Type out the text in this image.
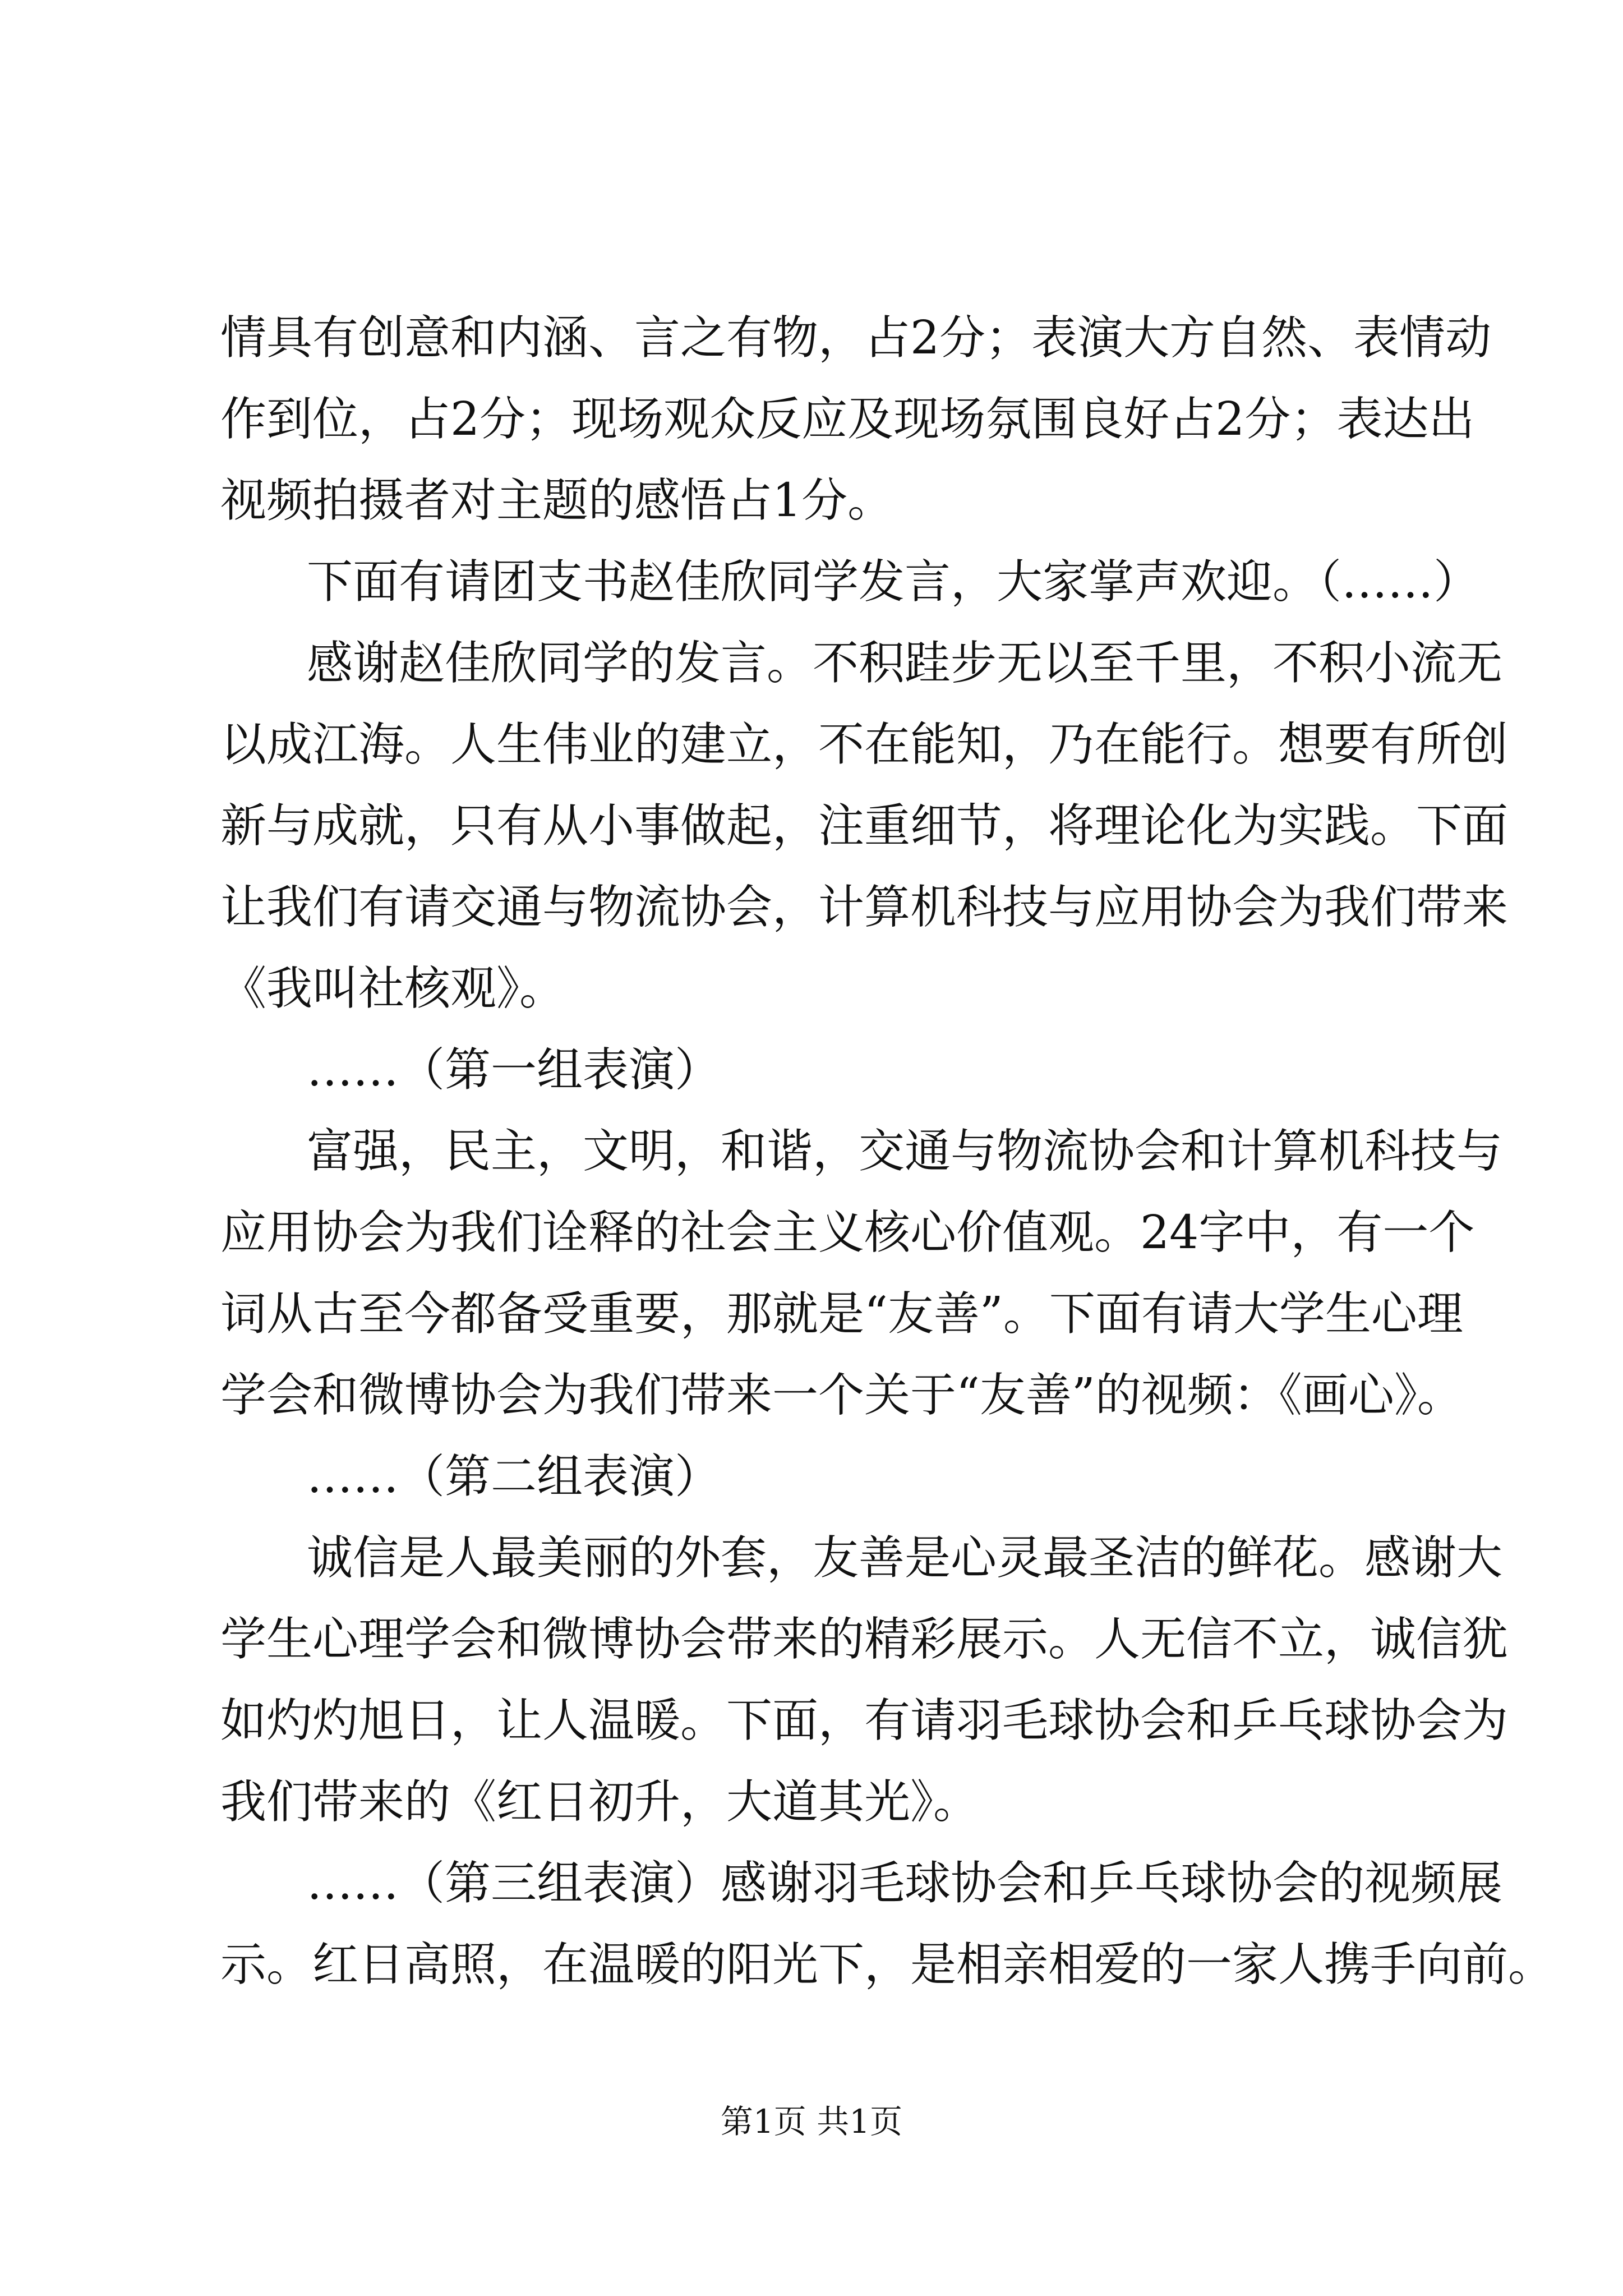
情具有创意和内涵、言之有物，占2分；表演大方自然、表情动
作到位，占2分；现场观众反应及现场氛围良好占2分；表达出
视频拍摄者对主题的感悟占1分。
下面有请团支书赵佳欣同学发言，大家掌声欢迎。（……）
感谢赵佳欣同学的发言。不积跬步无以至千里，不积小流无
以成江海。人生伟业的建立，不在能知，乃在能行。想要有所创
新与成就，只有从小事做起，注重细节，将理论化为实践。下面
让我们有请交通与物流协会，计算机科技与应用协会为我们带来
《我叫社核观》。
……（第一组表演）
富强，民主，文明，和谐，交通与物流协会和计算机科技与
应用协会为我们诠释的社会主义核心价值观。24字中，有一个
词从古至今都备受重要，那就是“友善”。下面有请大学生心理
学会和微博协会为我们带来一个关于“友善”的视频：《画心》。
……（第二组表演）
诚信是人最美丽的外套，友善是心灵最圣洁的鲜花。感谢大
学生心理学会和微博协会带来的精彩展示。人无信不立，诚信犹
如灼灼旭日，让人温暖。下面，有请羽毛球协会和乒乓球协会为
我们带来的《红日初升，大道其光》。
……（第三组表演）感谢羽毛球协会和乒乓球协会的视频展
示。红日高照，在温暖的阳光下，是相亲相爱的一家人携手向前。
第1页 共1页
